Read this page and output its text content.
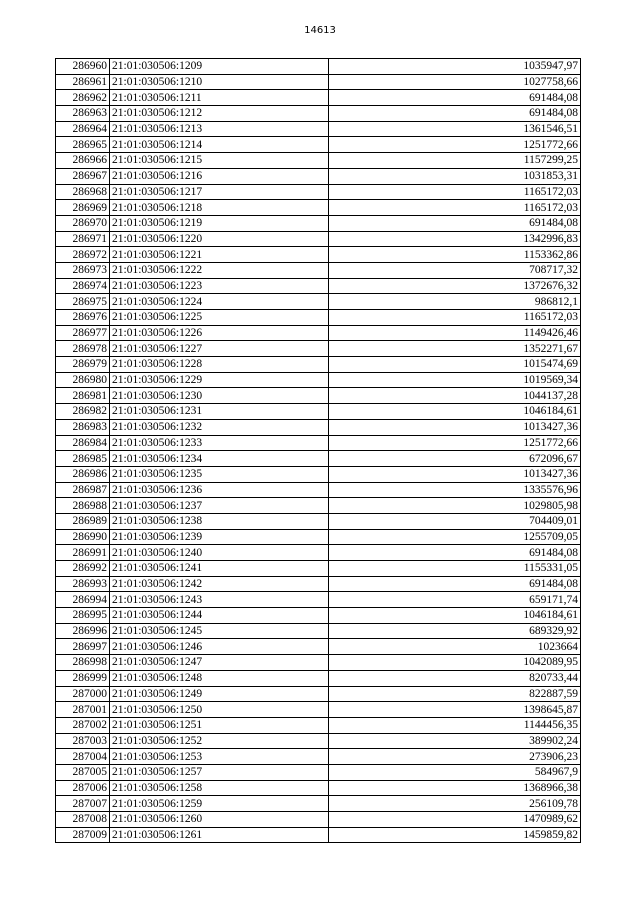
14613
286960	21:01:030506:1209	1035947,97
286961	21:01:030506:1210	1027758,66
286962	21:01:030506:1211	691484,08
286963	21:01:030506:1212	691484,08
286964	21:01:030506:1213	1361546,51
286965	21:01:030506:1214	1251772,66
286966	21:01:030506:1215	1157299,25
286967	21:01:030506:1216	1031853,31
286968	21:01:030506:1217	1165172,03
286969	21:01:030506:1218	1165172,03
286970	21:01:030506:1219	691484,08
286971	21:01:030506:1220	1342996,83
286972	21:01:030506:1221	1153362,86
286973	21:01:030506:1222	708717,32
286974	21:01:030506:1223	1372676,32
286975	21:01:030506:1224	986812,1
286976	21:01:030506:1225	1165172,03
286977	21:01:030506:1226	1149426,46
286978	21:01:030506:1227	1352271,67
286979	21:01:030506:1228	1015474,69
286980	21:01:030506:1229	1019569,34
286981	21:01:030506:1230	1044137,28
286982	21:01:030506:1231	1046184,61
286983	21:01:030506:1232	1013427,36
286984	21:01:030506:1233	1251772,66
286985	21:01:030506:1234	672096,67
286986	21:01:030506:1235	1013427,36
286987	21:01:030506:1236	1335576,96
286988	21:01:030506:1237	1029805,98
286989	21:01:030506:1238	704409,01
286990	21:01:030506:1239	1255709,05
286991	21:01:030506:1240	691484,08
286992	21:01:030506:1241	1155331,05
286993	21:01:030506:1242	691484,08
286994	21:01:030506:1243	659171,74
286995	21:01:030506:1244	1046184,61
286996	21:01:030506:1245	689329,92
286997	21:01:030506:1246	1023664
286998	21:01:030506:1247	1042089,95
286999	21:01:030506:1248	820733,44
287000	21:01:030506:1249	822887,59
287001	21:01:030506:1250	1398645,87
287002	21:01:030506:1251	1144456,35
287003	21:01:030506:1252	389902,24
287004	21:01:030506:1253	273906,23
287005	21:01:030506:1257	584967,9
287006	21:01:030506:1258	1368966,38
287007	21:01:030506:1259	256109,78
287008	21:01:030506:1260	1470989,62
287009	21:01:030506:1261	1459859,82
